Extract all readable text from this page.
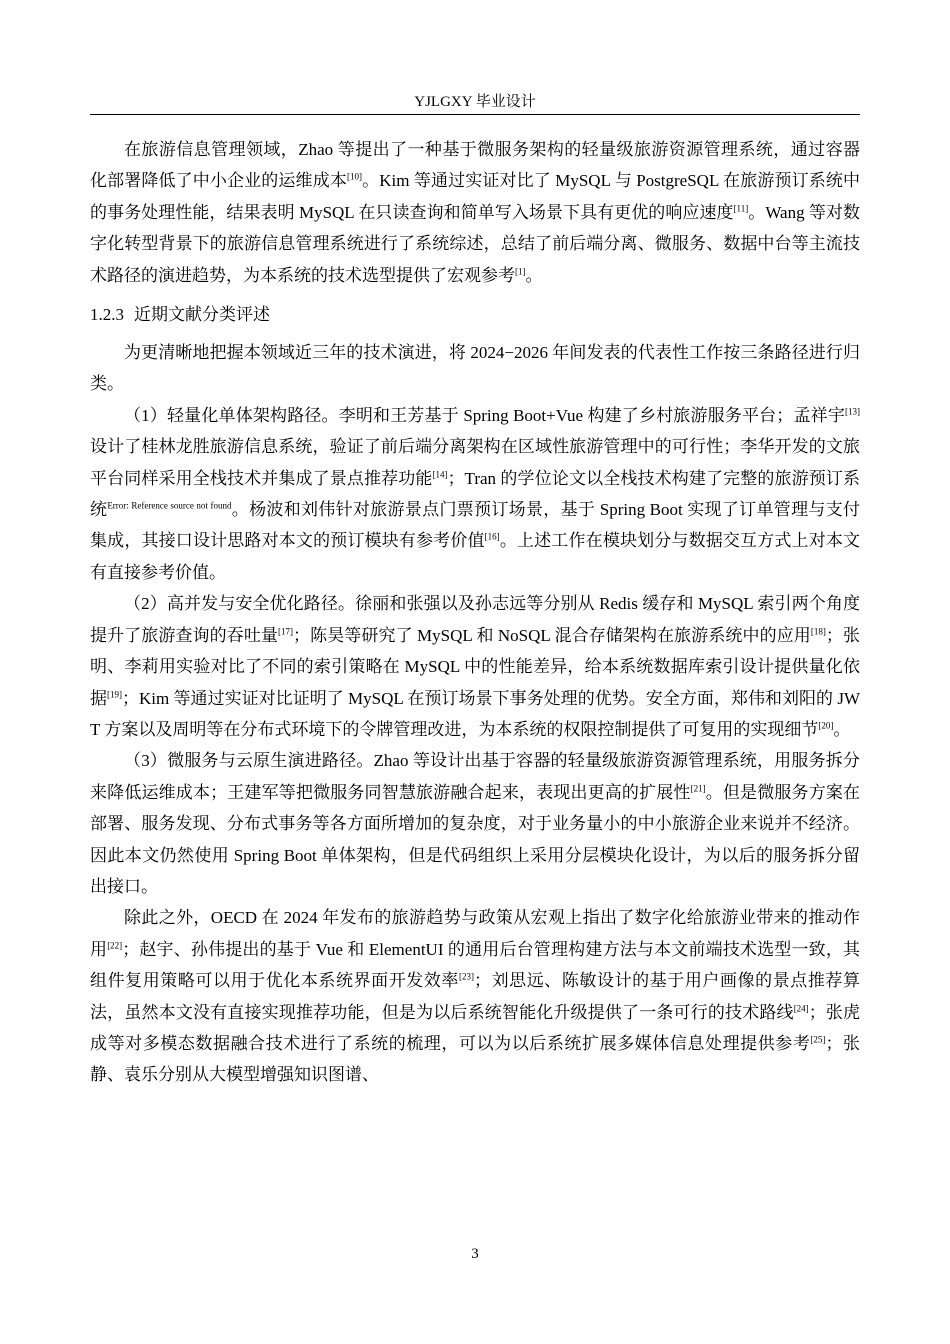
YJLGXY 毕业设计

在旅游信息管理领域，Zhao 等提出了一种基于微服务架构的轻量级旅游资源管理系统，通过容器化部署降低了中小企业的运维成本[10]。Kim 等通过实证对比了 MySQL 与 PostgreSQL 在旅游预订系统中的事务处理性能，结果表明 MySQL 在只读查询和简单写入场景下具有更优的响应速度[11]。Wang 等对数字化转型背景下的旅游信息管理系统进行了系统综述，总结了前后端分离、微服务、数据中台等主流技术路径的演进趋势，为本系统的技术选型提供了宏观参考[1]。

1.2.3 近期文献分类评述

为更清晰地把握本领域近三年的技术演进，将 2024−2026 年间发表的代表性工作按三条路径进行归类。

（1）轻量化单体架构路径。李明和王芳基于 Spring Boot+Vue 构建了乡村旅游服务平台；孟祥宇[13]设计了桂林龙胜旅游信息系统，验证了前后端分离架构在区域性旅游管理中的可行性；李华开发的文旅平台同样采用全栈技术并集成了景点推荐功能[14]；Tran 的学位论文以全栈技术构建了完整的旅游预订系统$^{Error: Reference source not found}$。杨波和刘伟针对旅游景点门票预订场景，基于 Spring Boot 实现了订单管理与支付集成，其接口设计思路对本文的预订模块有参考价值[16]。上述工作在模块划分与数据交互方式上对本文有直接参考价值。

（2）高并发与安全优化路径。徐丽和张强以及孙志远等分别从 Redis 缓存和 MySQL 索引两个角度提升了旅游查询的吞吐量[17]；陈昊等研究了 MySQL 和 NoSQL 混合存储架构在旅游系统中的应用[18]；张明、李莉用实验对比了不同的索引策略在 MySQL 中的性能差异，给本系统数据库索引设计提供量化依据[19]；Kim 等通过实证对比证明了 MySQL 在预订场景下事务处理的优势。安全方面，郑伟和刘阳的 JWT 方案以及周明等在分布式环境下的令牌管理改进，为本系统的权限控制提供了可复用的实现细节[20]。

（3）微服务与云原生演进路径。Zhao 等设计出基于容器的轻量级旅游资源管理系统，用服务拆分来降低运维成本；王建军等把微服务同智慧旅游融合起来，表现出更高的扩展性[21]。但是微服务方案在部署、服务发现、分布式事务等各方面所增加的复杂度，对于业务量小的中小旅游企业来说并不经济。因此本文仍然使用 Spring Boot 单体架构，但是代码组织上采用分层模块化设计，为以后的服务拆分留出接口。

除此之外，OECD 在 2024 年发布的旅游趋势与政策从宏观上指出了数字化给旅游业带来的推动作用[22]；赵宇、孙伟提出的基于 Vue 和 ElementUI 的通用后台管理构建方法与本文前端技术选型一致，其组件复用策略可以用于优化本系统界面开发效率[23]；刘思远、陈敏设计的基于用户画像的景点推荐算法，虽然本文没有直接实现推荐功能，但是为以后系统智能化升级提供了一条可行的技术路线[24]；张虎成等对多模态数据融合技术进行了系统的梳理，可以为以后系统扩展多媒体信息处理提供参考[25]；张静、袁乐分别从大模型增强知识图谱、

3
